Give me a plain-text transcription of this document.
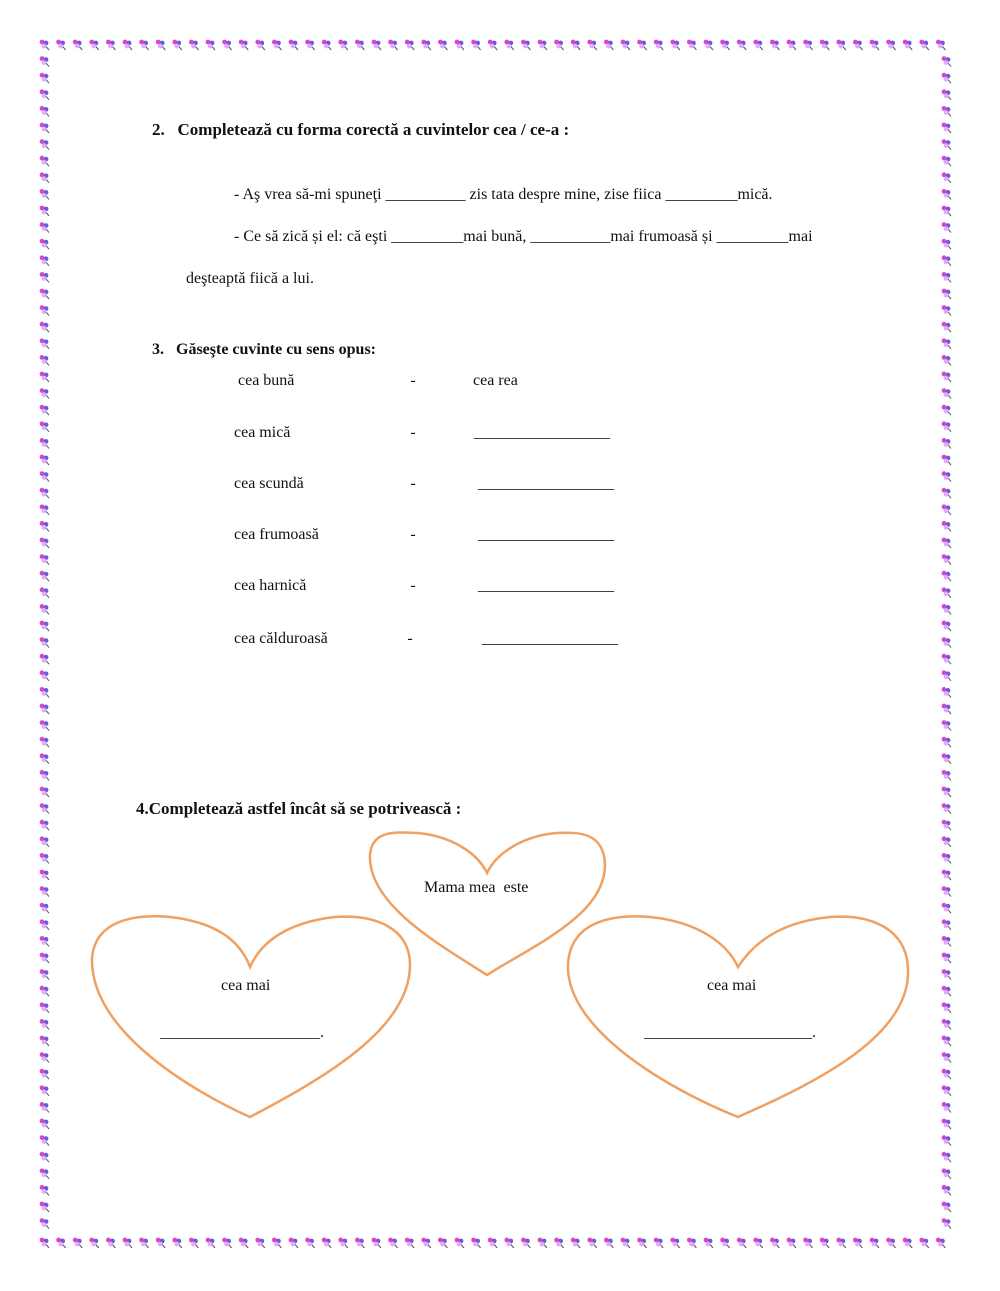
2.   Completează cu forma corectă a cuvintelor cea / ce-a :
- Aş vrea să-mi spuneţi __________ zis tata despre mine, zise fiica _________mică.
- Ce să zică și el: că eşti _________mai bună, __________mai frumoasă și _________mai
deşteaptă fiică a lui.
3.   Găseşte cuvinte cu sens opus:
cea bună	-	cea rea
cea mică	-	_________________
cea scundă	-	_________________
cea frumoasă	-	_________________
cea harnică	-	_________________
cea călduroasă	-	_________________
4.Completează astfel încât să se potrivească :
Mama mea  este
cea mai
____________________.
cea mai
_____________________.
